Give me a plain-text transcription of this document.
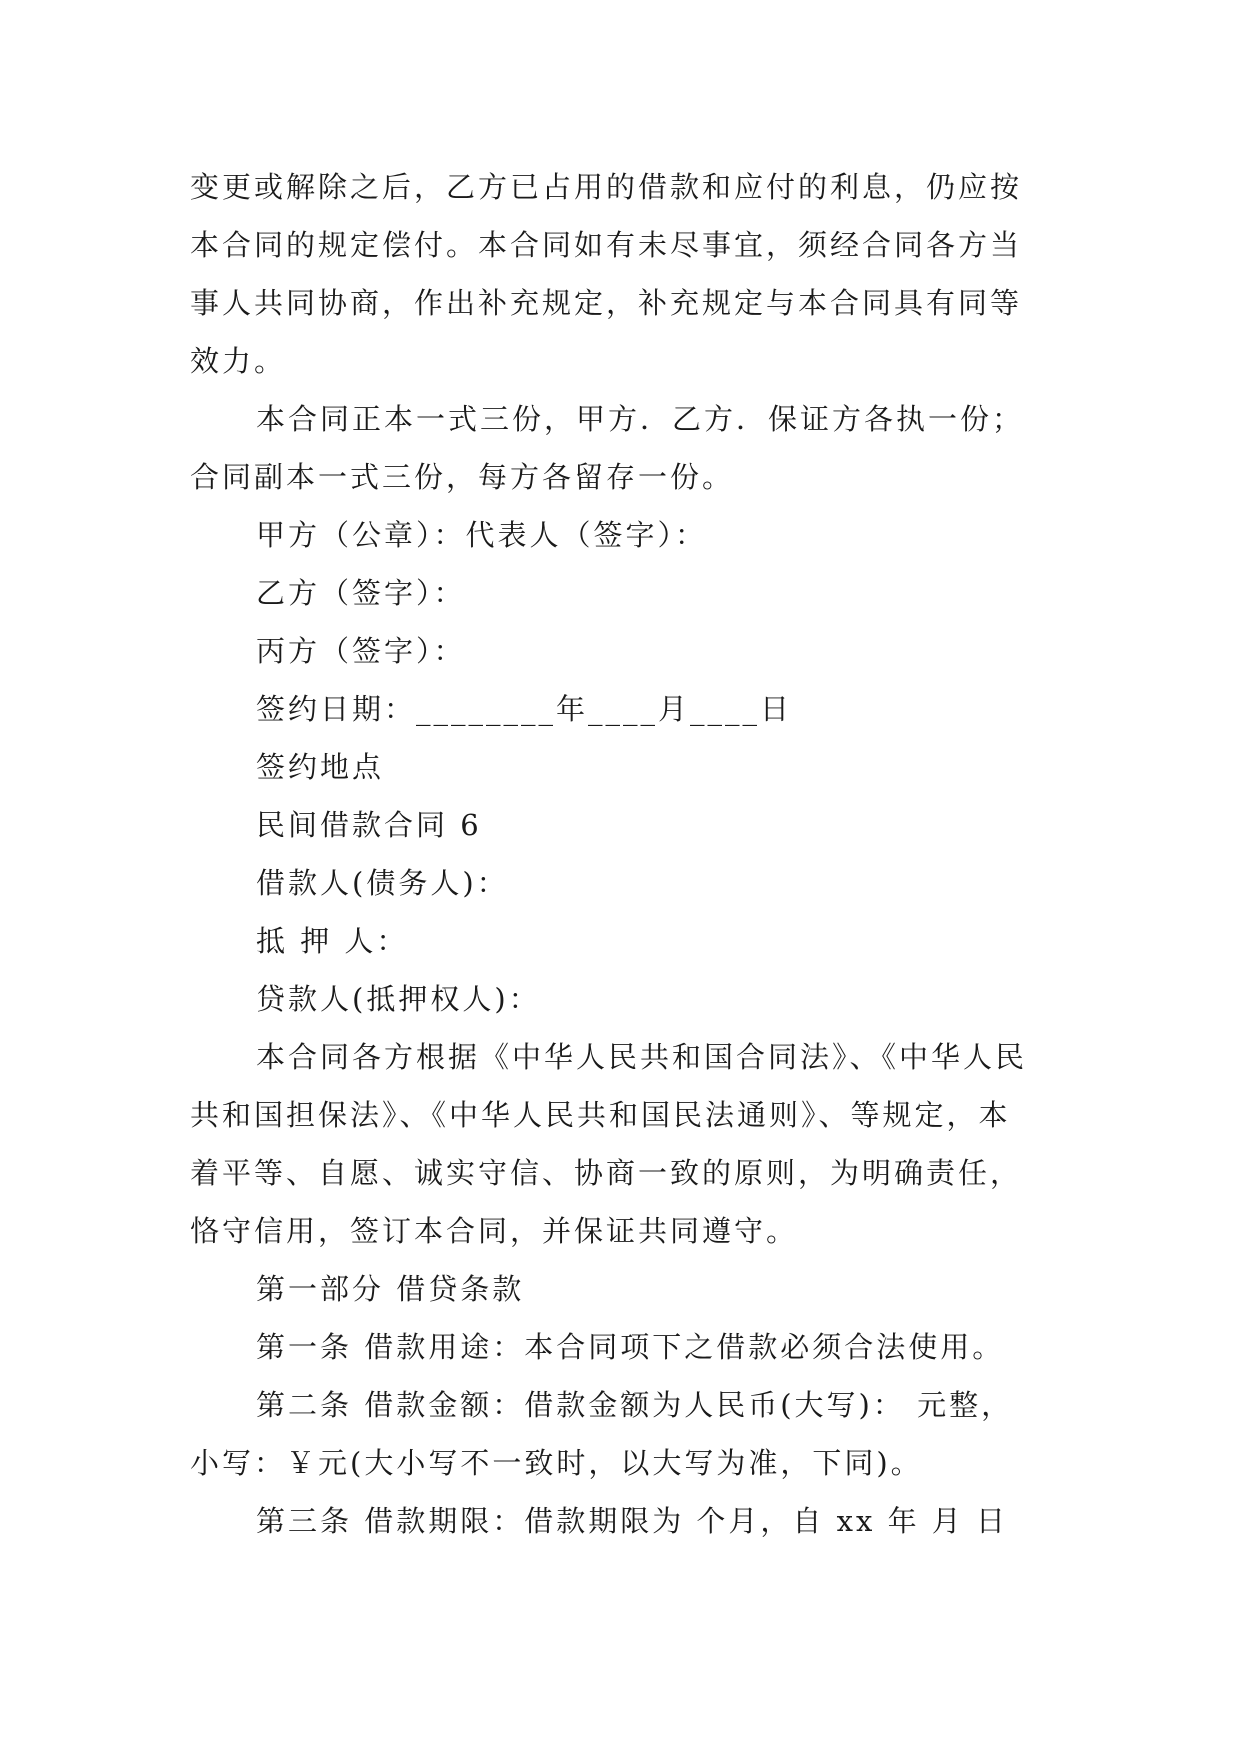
变更或解除之后，乙方已占用的借款和应付的利息，仍应按
本合同的规定偿付。本合同如有未尽事宜，须经合同各方当
事人共同协商，作出补充规定，补充规定与本合同具有同等
效力。

本合同正本一式三份，甲方．乙方．保证方各执一份；
合同副本一式三份，每方各留存一份。

甲方（公章）：代表人（签字）：

乙方（签字）：

丙方（签字）：

签约日期：________年____月____日

签约地点

民间借款合同 6

借款人(债务人)：

抵 押 人：

贷款人(抵押权人)：

本合同各方根据《中华人民共和国合同法》、《中华人民
共和国担保法》、《中华人民共和国民法通则》、等规定，本
着平等、自愿、诚实守信、协商一致的原则，为明确责任，
恪守信用，签订本合同，并保证共同遵守。

第一部分 借贷条款

第一条 借款用途：本合同项下之借款必须合法使用。

第二条 借款金额：借款金额为人民币(大写)： 元整，
小写：￥元(大小写不一致时，以大写为准，下同)。

第三条 借款期限：借款期限为 个月，自 xx 年 月 日
